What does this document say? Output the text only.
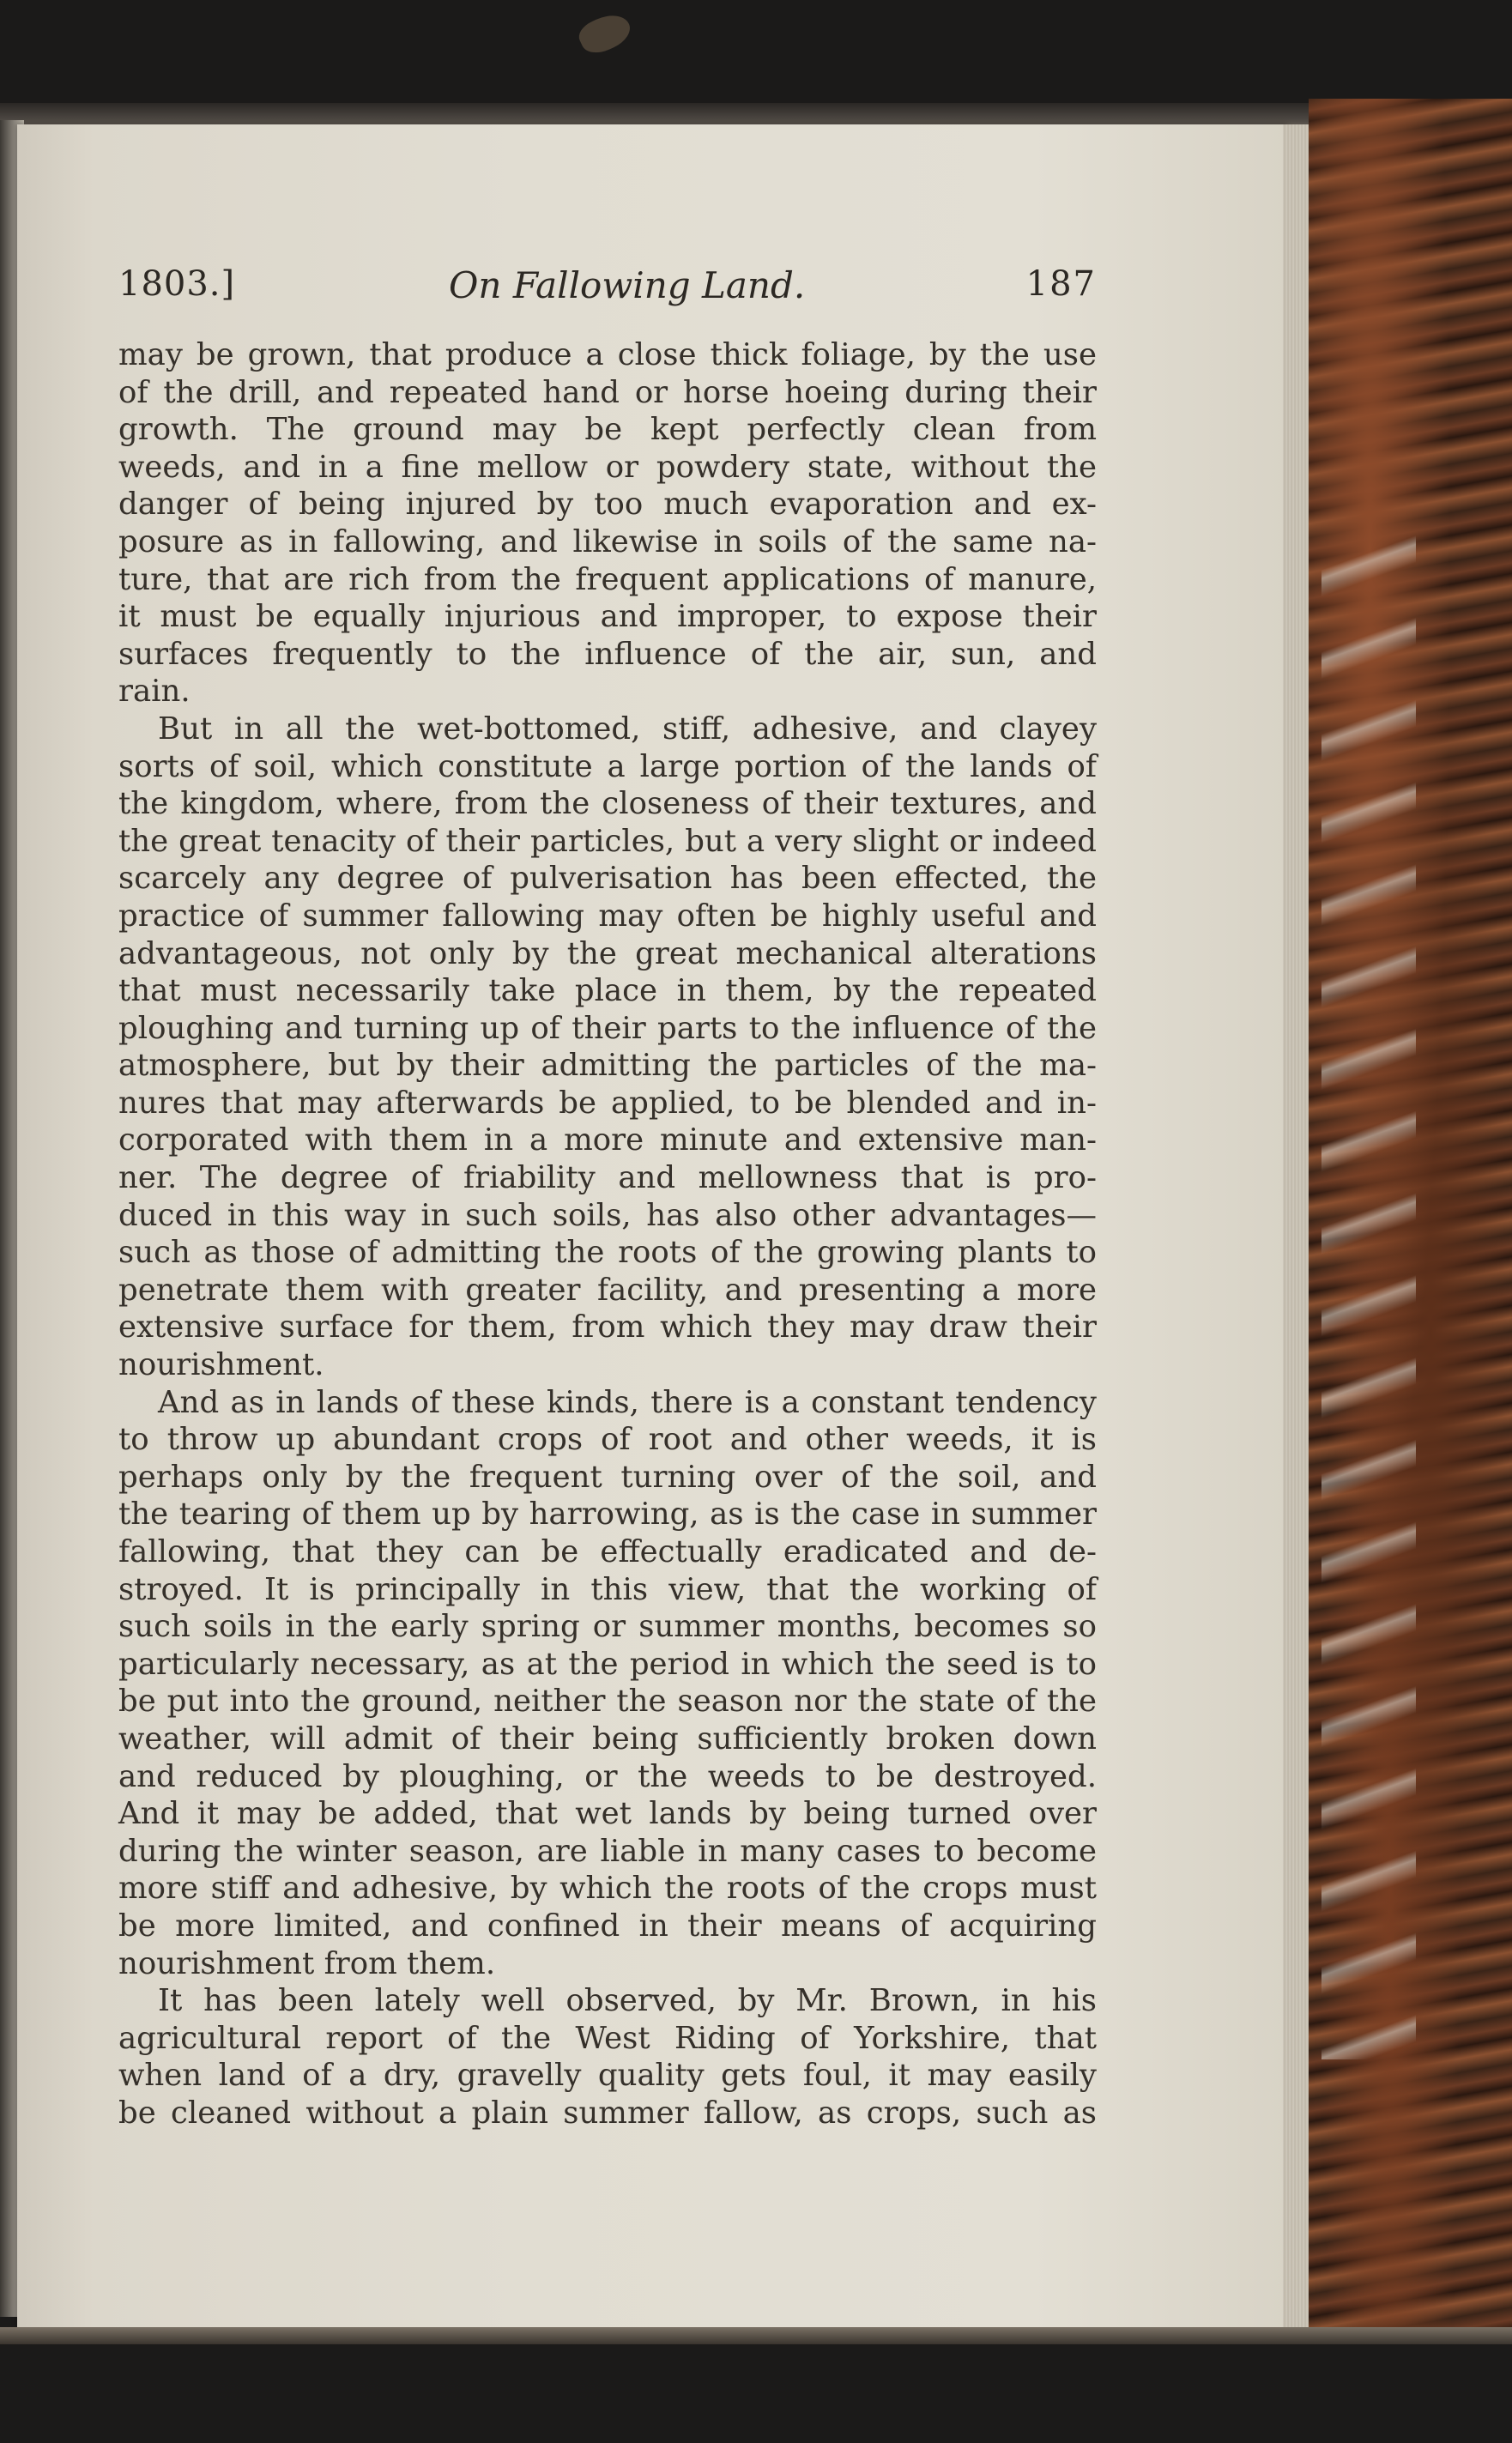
1803.]	On Fallowing Land.	187
may be grown, that produce a close thick foliage, by the use
of the drill, and repeated hand or horse hoeing during their
growth. The ground may be kept perfectly clean from
weeds, and in a fine mellow or powdery state, without the
danger of being injured by too much evaporation and ex-
posure as in fallowing, and likewise in soils of the same na-
ture, that are rich from the frequent applications of manure,
it must be equally injurious and improper, to expose their
surfaces frequently to the influence of the air, sun, and
rain.
But in all the wet-bottomed, stiff, adhesive, and clayey
sorts of soil, which constitute a large portion of the lands of
the kingdom, where, from the closeness of their textures, and
the great tenacity of their particles, but a very slight or indeed
scarcely any degree of pulverisation has been effected, the
practice of summer fallowing may often be highly useful and
advantageous, not only by the great mechanical alterations
that must necessarily take place in them, by the repeated
ploughing and turning up of their parts to the influence of the
atmosphere, but by their admitting the particles of the ma-
nures that may afterwards be applied, to be blended and in-
corporated with them in a more minute and extensive man-
ner. The degree of friability and mellowness that is pro-
duced in this way in such soils, has also other advantages—
such as those of admitting the roots of the growing plants to
penetrate them with greater facility, and presenting a more
extensive surface for them, from which they may draw their
nourishment.
And as in lands of these kinds, there is a constant tendency
to throw up abundant crops of root and other weeds, it is
perhaps only by the frequent turning over of the soil, and
the tearing of them up by harrowing, as is the case in summer
fallowing, that they can be effectually eradicated and de-
stroyed. It is principally in this view, that the working of
such soils in the early spring or summer months, becomes so
particularly necessary, as at the period in which the seed is to
be put into the ground, neither the season nor the state of the
weather, will admit of their being sufficiently broken down
and reduced by ploughing, or the weeds to be destroyed.
And it may be added, that wet lands by being turned over
during the winter season, are liable in many cases to become
more stiff and adhesive, by which the roots of the crops must
be more limited, and confined in their means of acquiring
nourishment from them.
It has been lately well observed, by Mr. Brown, in his
agricultural report of the West Riding of Yorkshire, that
when land of a dry, gravelly quality gets foul, it may easily
be cleaned without a plain summer fallow, as crops, such as
